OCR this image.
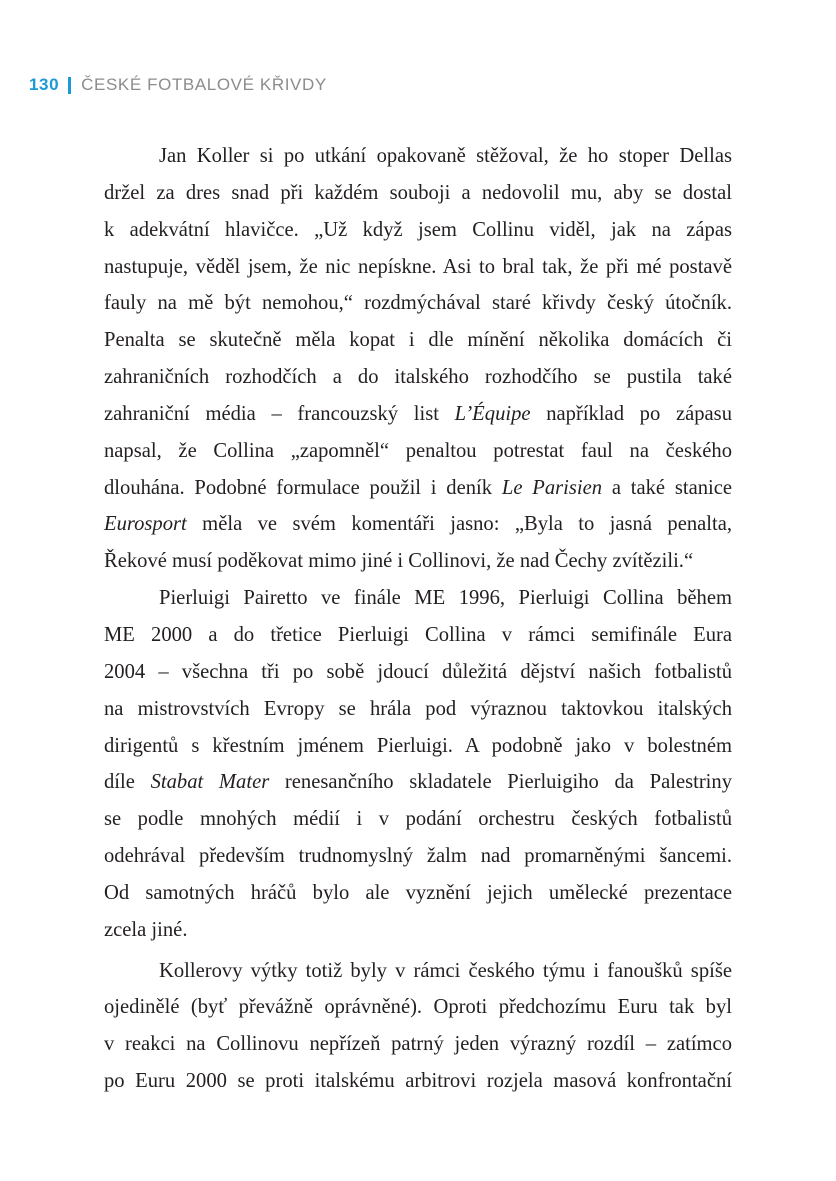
130 ČESKÉ FOTBALOVÉ KŘIVDY
Jan Koller si po utkání opakovaně stěžoval, že ho stoper Dellas
držel za dres snad při každém souboji a nedovolil mu, aby se dostal
k adekvátní hlavičce. „Už když jsem Collinu viděl, jak na zápas
nastupuje, věděl jsem, že nic nepískne. Asi to bral tak, že při mé postavě
fauly na mě být nemohou,“ rozdmýchával staré křivdy český útočník.
Penalta se skutečně měla kopat i dle mínění několika domácích či
zahraničních rozhodčích a do italského rozhodčího se pustila také
zahraniční média – francouzský list L’Équipe například po zápasu
napsal, že Collina „zapomněl“ penaltou potrestat faul na českého
dlouhána. Podobné formulace použil i deník Le Parisien a také stanice
Eurosport měla ve svém komentáři jasno: „Byla to jasná penalta,
Řekové musí poděkovat mimo jiné i Collinovi, že nad Čechy zvítězili.“
Pierluigi Pairetto ve finále ME 1996, Pierluigi Collina během
ME 2000 a do třetice Pierluigi Collina v rámci semifinále Eura
2004 – všechna tři po sobě jdoucí důležitá dějství našich fotbalistů
na mistrovstvích Evropy se hrála pod výraznou taktovkou italských
dirigentů s křestním jménem Pierluigi. A podobně jako v bolestném
díle Stabat Mater renesančního skladatele Pierluigiho da Palestriny
se podle mnohých médií i v podání orchestru českých fotbalistů
odehrával především trudnomyslný žalm nad promarněnými šancemi.
Od samotných hráčů bylo ale vyznění jejich umělecké prezentace
zcela jiné.
Kollerovy výtky totiž byly v rámci českého týmu i fanoušků spíše
ojedinělé (byť převážně oprávněné). Oproti předchozímu Euru tak byl
v reakci na Collinovu nepřízeň patrný jeden výrazný rozdíl – zatímco
po Euru 2000 se proti italskému arbitrovi rozjela masová konfrontační
